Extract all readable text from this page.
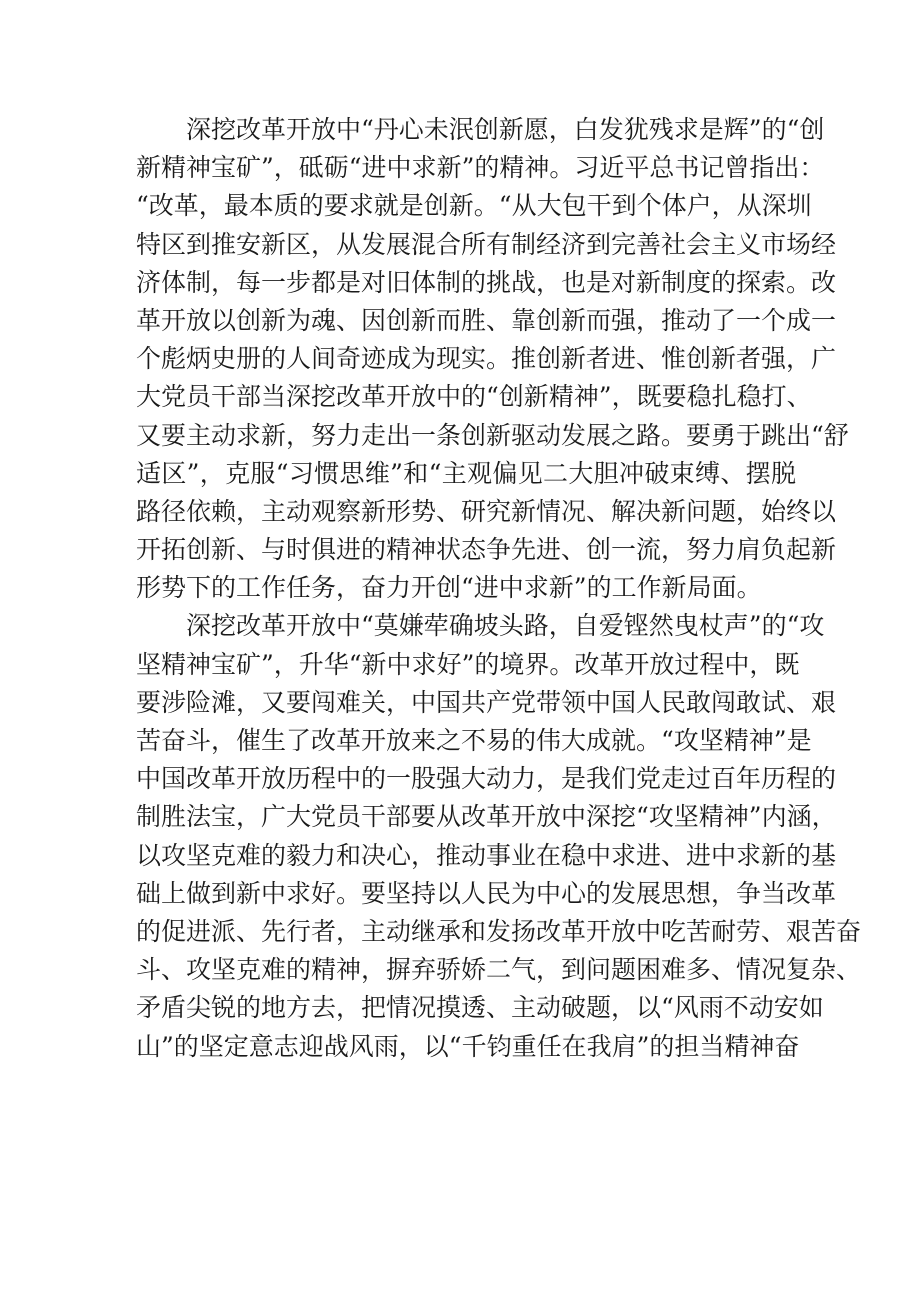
深挖改革开放中“丹心未泯创新愿，白发犹残求是辉”的“创
新精神宝矿”，砥砺“进中求新”的精神。习近平总书记曾指出：
“改革，最本质的要求就是创新。“从大包干到个体户，从深圳
特区到推安新区，从发展混合所有制经济到完善社会主义市场经
济体制，每一步都是对旧体制的挑战，也是对新制度的探索。改
革开放以创新为魂、因创新而胜、靠创新而强，推动了一个成一
个彪炳史册的人间奇迹成为现实。推创新者进、惟创新者强，广
大党员干部当深挖改革开放中的“创新精神”，既要稳扎稳打、
又要主动求新，努力走出一条创新驱动发展之路。要勇于跳出“舒
适区”，克服“习惯思维”和“主观偏见二大胆冲破束缚、摆脱
路径依赖，主动观察新形势、研究新情况、解决新问题，始终以
开拓创新、与时俱进的精神状态争先进、创一流，努力肩负起新
形势下的工作任务，奋力开创“进中求新”的工作新局面。
深挖改革开放中“莫嫌荦确坡头路，自爱铿然曳杖声”的“攻
坚精神宝矿”，升华“新中求好”的境界。改革开放过程中，既
要涉险滩，又要闯难关，中国共产党带领中国人民敢闯敢试、艰
苦奋斗，催生了改革开放来之不易的伟大成就。“攻坚精神”是
中国改革开放历程中的一股强大动力，是我们党走过百年历程的
制胜法宝，广大党员干部要从改革开放中深挖“攻坚精神”内涵，
以攻坚克难的毅力和决心，推动事业在稳中求进、进中求新的基
础上做到新中求好。要坚持以人民为中心的发展思想，争当改革
的促进派、先行者，主动继承和发扬改革开放中吃苦耐劳、艰苦奋
斗、攻坚克难的精神，摒弃骄娇二气，到问题困难多、情况复杂、
矛盾尖锐的地方去，把情况摸透、主动破题，以“风雨不动安如
山”的坚定意志迎战风雨，以“千钧重任在我肩”的担当精神奋
